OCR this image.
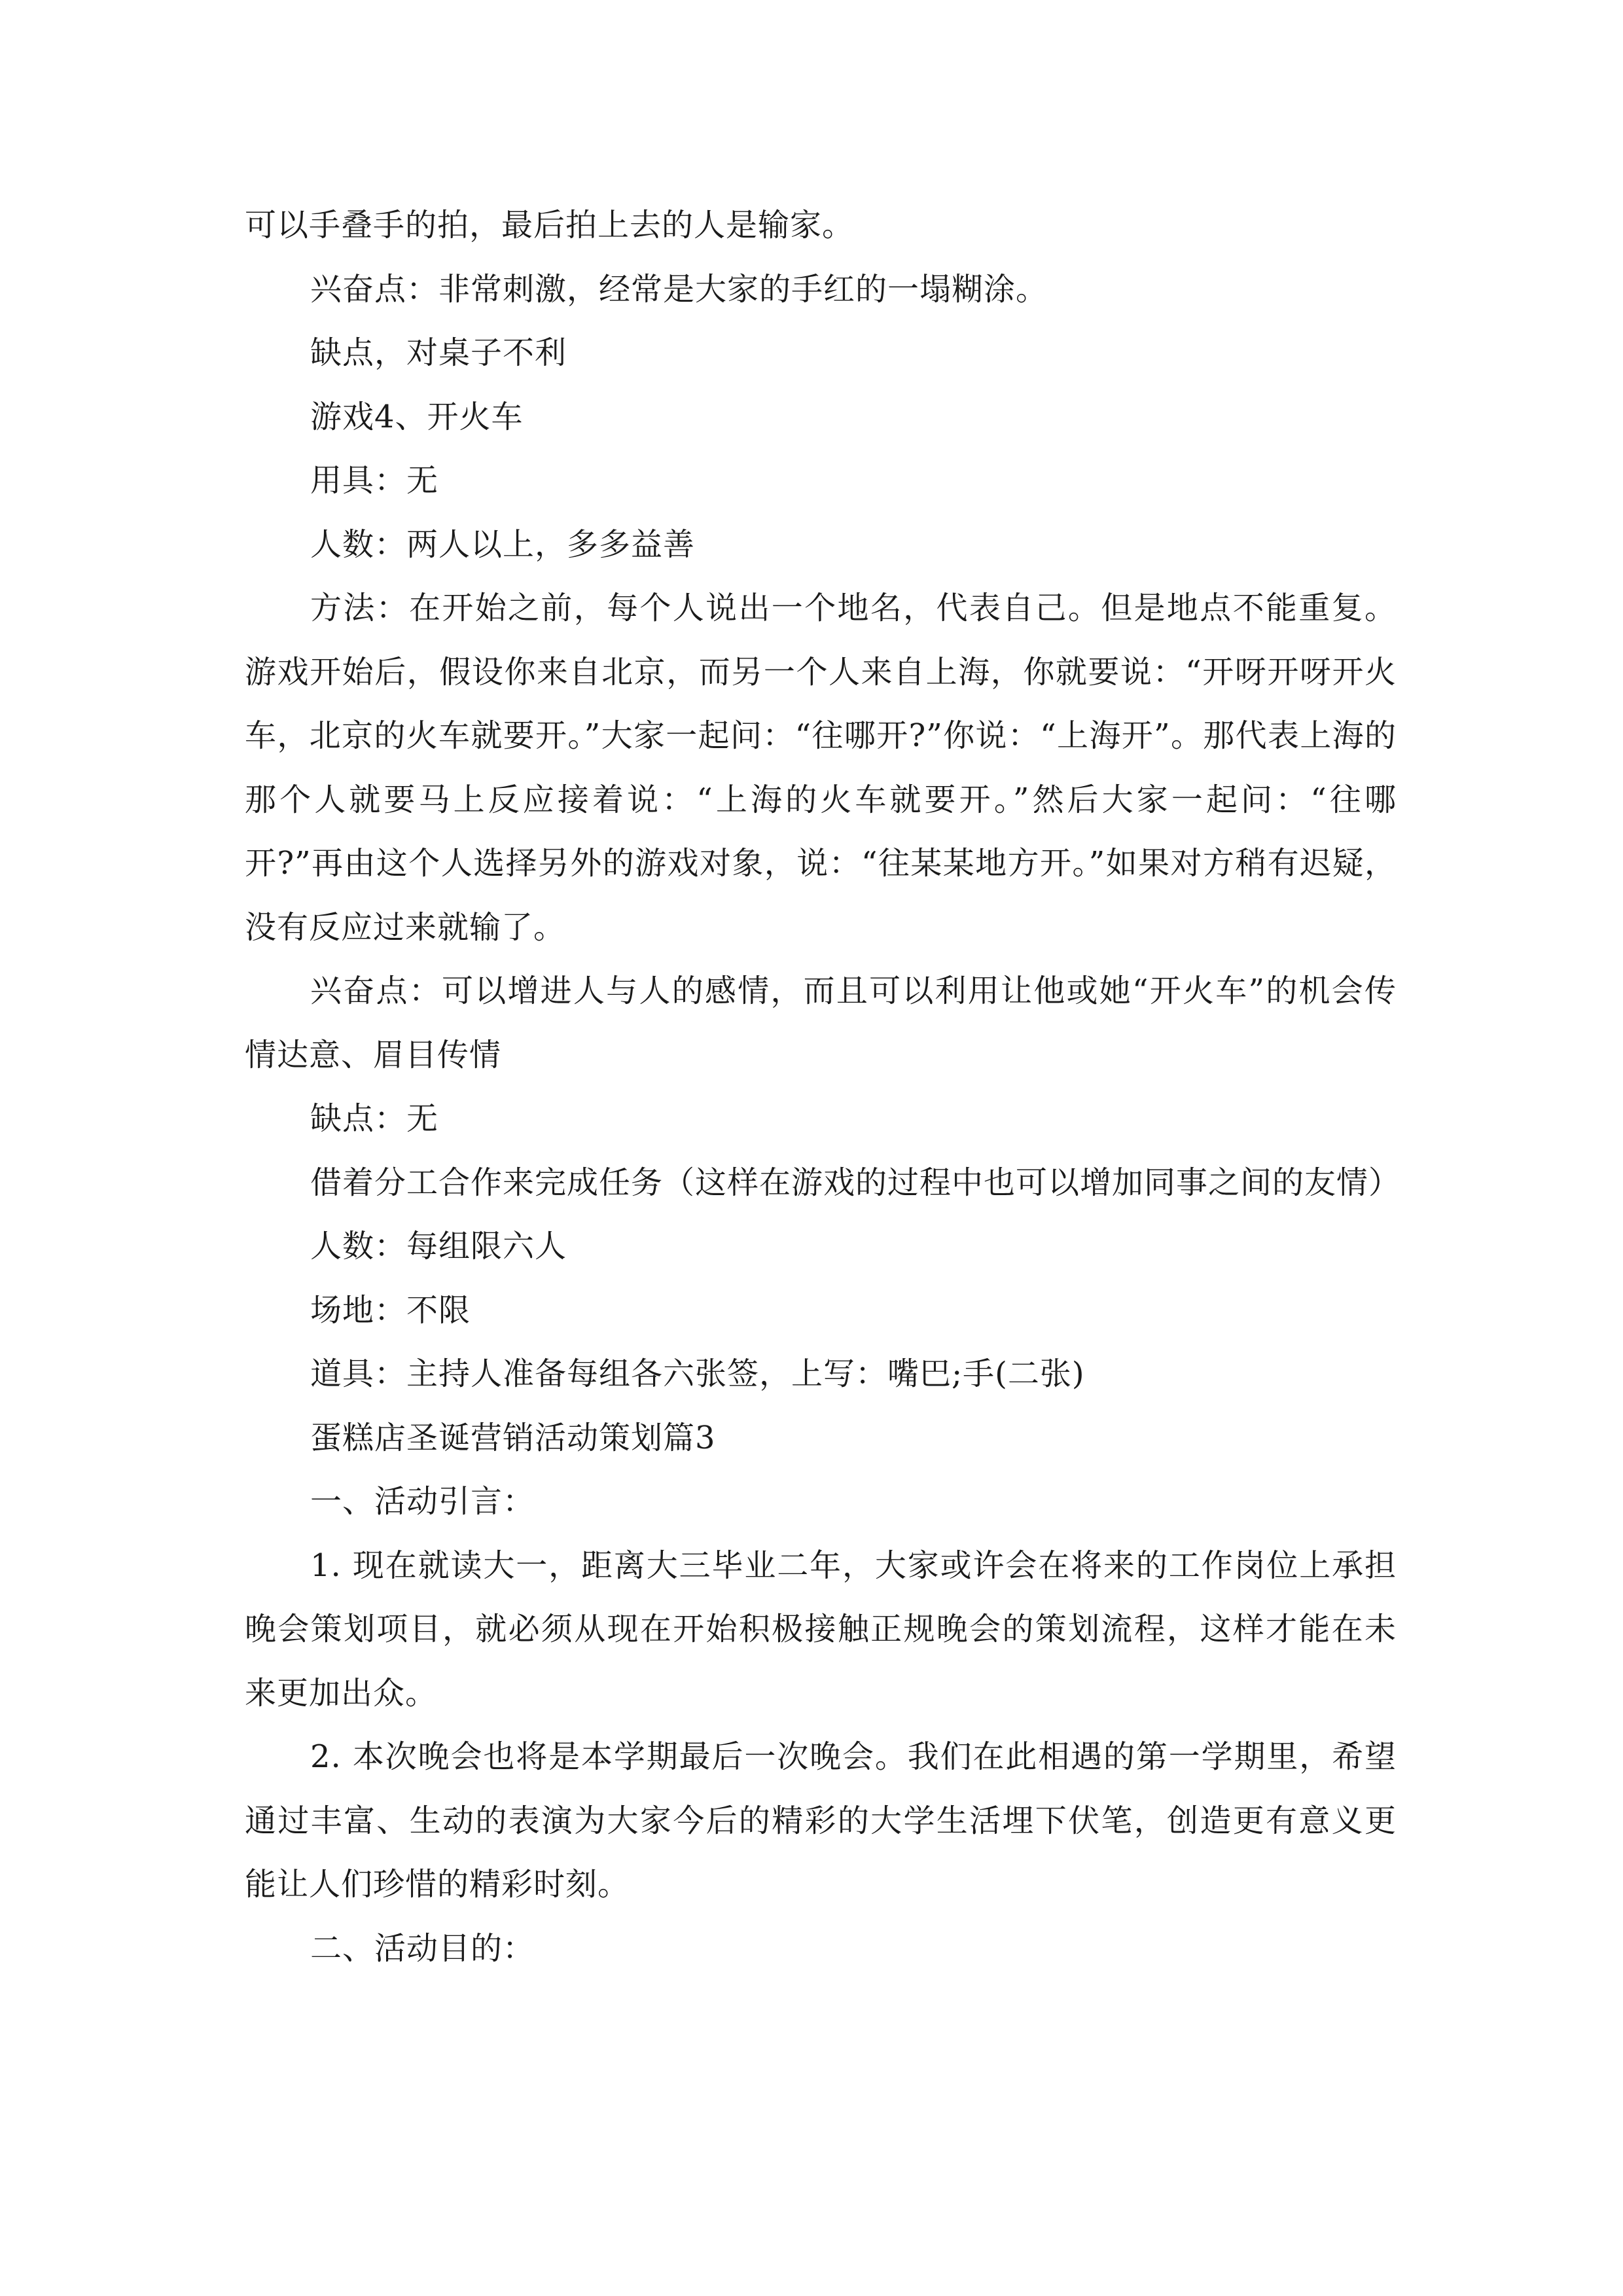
可以手叠手的拍，最后拍上去的人是输家。

兴奋点：非常刺激，经常是大家的手红的一塌糊涂。

缺点，对桌子不利

游戏4、开火车

用具：无

人数：两人以上，多多益善

方法：在开始之前，每个人说出一个地名，代表自己。但是地点不能重复。游戏开始后，假设你来自北京，而另一个人来自上海，你就要说：“开呀开呀开火车，北京的火车就要开。”大家一起问：“往哪开?”你说：“上海开”。那代表上海的那个人就要马上反应接着说：“上海的火车就要开。”然后大家一起问：“往哪开?”再由这个人选择另外的游戏对象，说：“往某某地方开。”如果对方稍有迟疑，没有反应过来就输了。

兴奋点：可以增进人与人的感情，而且可以利用让他或她“开火车”的机会传情达意、眉目传情

缺点：无

借着分工合作来完成任务（这样在游戏的过程中也可以增加同事之间的友情）

人数：每组限六人

场地：不限

道具：主持人准备每组各六张签，上写：嘴巴;手(二张)

蛋糕店圣诞营销活动策划篇3

一、活动引言：

1. 现在就读大一，距离大三毕业二年，大家或许会在将来的工作岗位上承担晚会策划项目，就必须从现在开始积极接触正规晚会的策划流程，这样才能在未来更加出众。

2. 本次晚会也将是本学期最后一次晚会。我们在此相遇的第一学期里，希望通过丰富、生动的表演为大家今后的精彩的大学生活埋下伏笔，创造更有意义更能让人们珍惜的精彩时刻。

二、活动目的：
